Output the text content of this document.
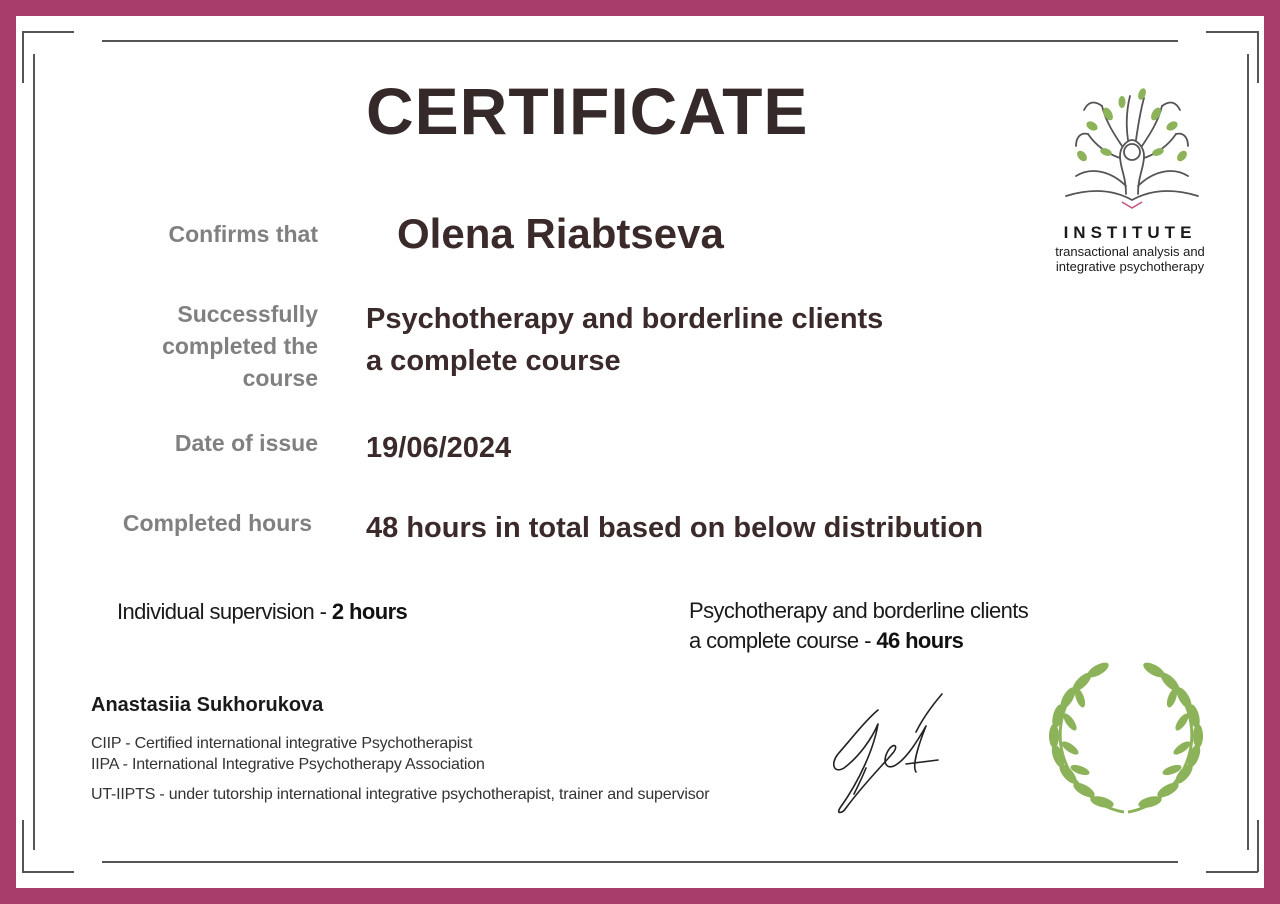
CERTIFICATE
Confirms that Olena Riabtseva
Successfully
completed the
course
Psychotherapy and borderline clients
a complete course
Date of issue 19/06/2024
Completed hours 48 hours in total based on below distribution
Individual supervision - 2 hours	Psychotherapy and borderline clients
a complete course - 46 hours
Anastasiia Sukhorukova
CIIP - Certified international integrative Psychotherapist
IIPA - International Integrative Psychotherapy Association
UT-IIPTS - under tutorship international integrative psychotherapist, trainer and supervisor
INSTITUTE
transactional analysis and
integrative psychotherapy
